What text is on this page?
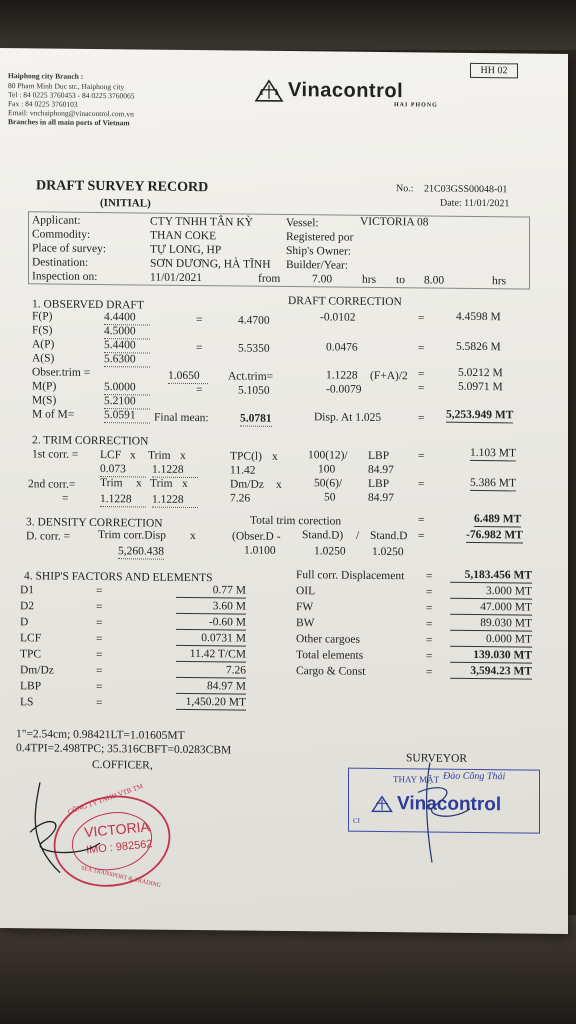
HH 02
Haiphong city Branch :
80 Pham Minh Duc str., Haiphong city
Tel : 84 0225 3760453 - 84 0225 3760065
Fax : 84 0225 3760103
Email: vnchaiphong@vinacontrol.com.vn
Branches in all main ports of Vietnam
Vinacontrol
HAI PHONG
DRAFT SURVEY RECORD
(INITIAL)
No.: 21C03GSS00048-01
Date: 11/01/2021
Applicant:	CTY TNHH TÂN KỲ
Commodity:	THAN COKE
Place of survey:	TỰ LONG, HP
Destination:	SƠN DƯƠNG, HÀ TĨNH
Inspection on:	11/01/2021
Vessel:	VICTORIA 08
Registered por
Ship's Owner:
Builder/Year:
from	7.00	hrs to 8.00	hrs
1. OBSERVED DRAFT	DRAFT CORRECTION
F(P)	4.4400	=	4.4700	-0.0102	=	4.4598 M
F(S)	4.5000
A(P)	5.4400	=	5.5350	0.0476	=	5.5826 M
A(S)	5.6300
Obser.trim =	1.0650	Act.trim=	1.1228 (F+A)/2 =	5.0212 M
M(P)	5.0000	=	5.1050	-0.0079	=	5.0971 M
M(S)	5.2100
M of M=	5.0591	Final mean:	5.0781	Disp. At 1.025	= 5,253.949 MT
2. TRIM CORRECTION
1st corr. = LCF x Trim x	TPC(l) x	100(12)/ LBP	=	1.103 MT
0.073	1.1228	11.42	100	84.97
2nd corr.= Trim x Trim x	Dm/Dz x	50(6)/ LBP	=	5.386 MT
=	1.1228	1.1228	7.26	50	84.97
Total trim corection	=	6.489 MT
3. DENSITY CORRECTION
D. corr. = Trim corr.Disp x	(Obser.D - Stand.D) / Stand.D =	-76.982 MT
5,260.438	1.0100	1.0250 1.0250
4. SHIP'S FACTORS AND ELEMENTS
D1	=	0.77 M
D2	=	3.60 M
D	=	-0.60 M
LCF	=	0.0731 M
TPC	=	11.42 T/CM
Dm/Dz	=	7.26
LBP	=	84.97 M
LS	=	1,450.20 MT
Full corr. Displacement =	5,183.456 MT
OIL	=	3.000 MT
FW	=	47.000 MT
BW	=	89.030 MT
Other cargoes	=	0.000 MT
Total elements	=	139.030 MT
Cargo & Const	=	3,594.23 MT
1"=2.54cm; 0.98421LT=1.01605MT
0.4TPI=2.498TPC; 35.316CBFT=0.0283CBM
C.OFFICER,
SURVEYOR
THAY MẶT Đào Công Thái
CI
Vinacontrol
CÔNG TY TNHH VTB TM
VICTORIA
IMO : 982562
SEA TRANSPORT & TRADING
